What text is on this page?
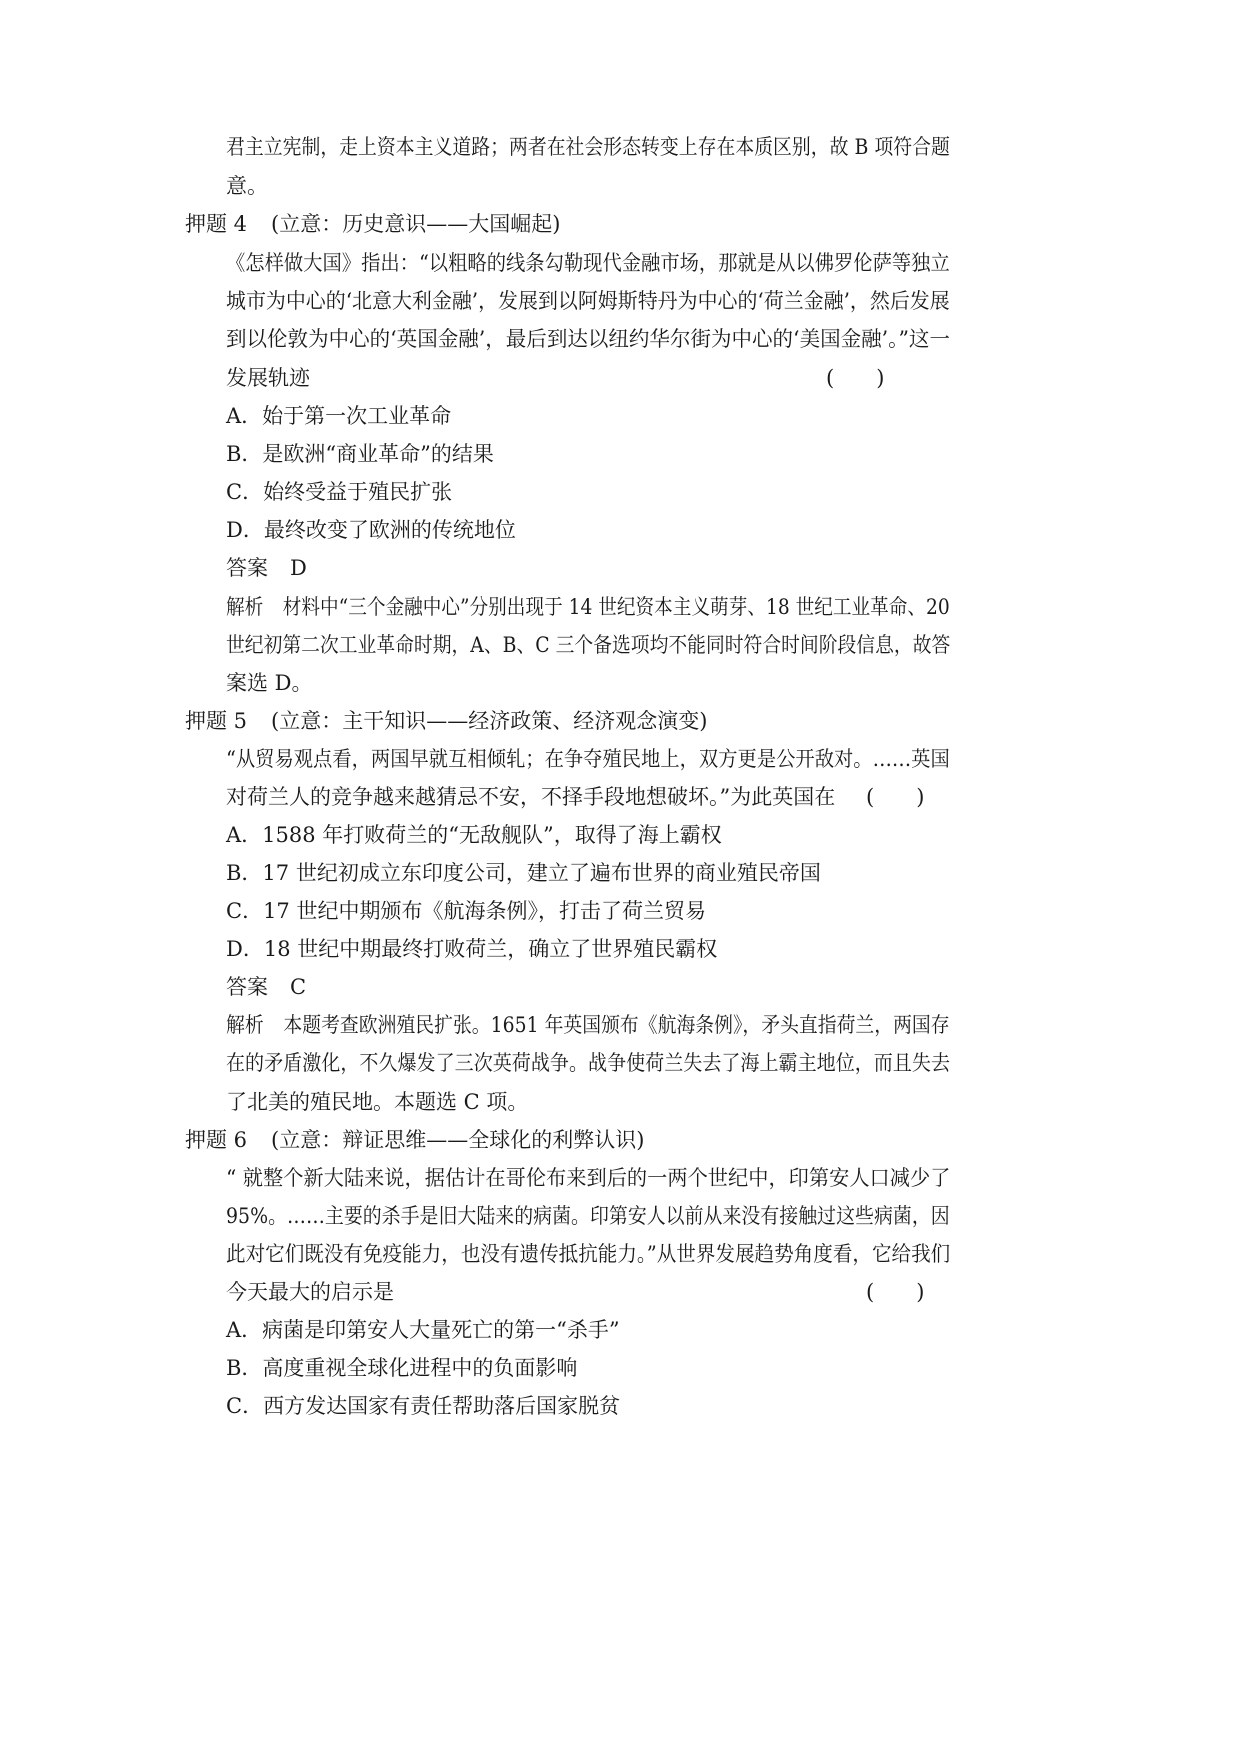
君主立宪制，走上资本主义道路；两者在社会形态转变上存在本质区别，故 B 项符合题
意。
押题 4 (立意：历史意识——大国崛起)
《怎样做大国》指出：“以粗略的线条勾勒现代金融市场，那就是从以佛罗伦萨等独立
城市为中心的‘北意大利金融’，发展到以阿姆斯特丹为中心的‘荷兰金融’，然后发展
到以伦敦为中心的‘英国金融’，最后到达以纽约华尔街为中心的‘美国金融’。”这一
发展轨迹	(　　)
A．始于第一次工业革命
B．是欧洲“商业革命”的结果
C．始终受益于殖民扩张
D．最终改变了欧洲的传统地位
答案 D
解析 材料中“三个金融中心”分别出现于 14 世纪资本主义萌芽、18 世纪工业革命、20
世纪初第二次工业革命时期，A、B、C 三个备选项均不能同时符合时间阶段信息，故答
案选 D。
押题 5 (立意：主干知识——经济政策、经济观念演变)
“从贸易观点看，两国早就互相倾轧；在争夺殖民地上，双方更是公开敌对。……英国
对荷兰人的竞争越来越猜忌不安，不择手段地想破坏。”为此英国在 (　　)
A．1588 年打败荷兰的“无敌舰队”，取得了海上霸权
B．17 世纪初成立东印度公司，建立了遍布世界的商业殖民帝国
C．17 世纪中期颁布《航海条例》，打击了荷兰贸易
D．18 世纪中期最终打败荷兰，确立了世界殖民霸权
答案 C
解析 本题考查欧洲殖民扩张。1651 年英国颁布《航海条例》，矛头直指荷兰，两国存
在的矛盾激化，不久爆发了三次英荷战争。战争使荷兰失去了海上霸主地位，而且失去
了北美的殖民地。本题选 C 项。
押题 6 (立意：辩证思维——全球化的利弊认识)
“ 就整个新大陆来说，据估计在哥伦布来到后的一两个世纪中，印第安人口减少了
95%。……主要的杀手是旧大陆来的病菌。印第安人以前从来没有接触过这些病菌，因
此对它们既没有免疫能力，也没有遗传抵抗能力。”从世界发展趋势角度看，它给我们
今天最大的启示是	(　　)
A．病菌是印第安人大量死亡的第一“杀手”
B．高度重视全球化进程中的负面影响
C．西方发达国家有责任帮助落后国家脱贫
